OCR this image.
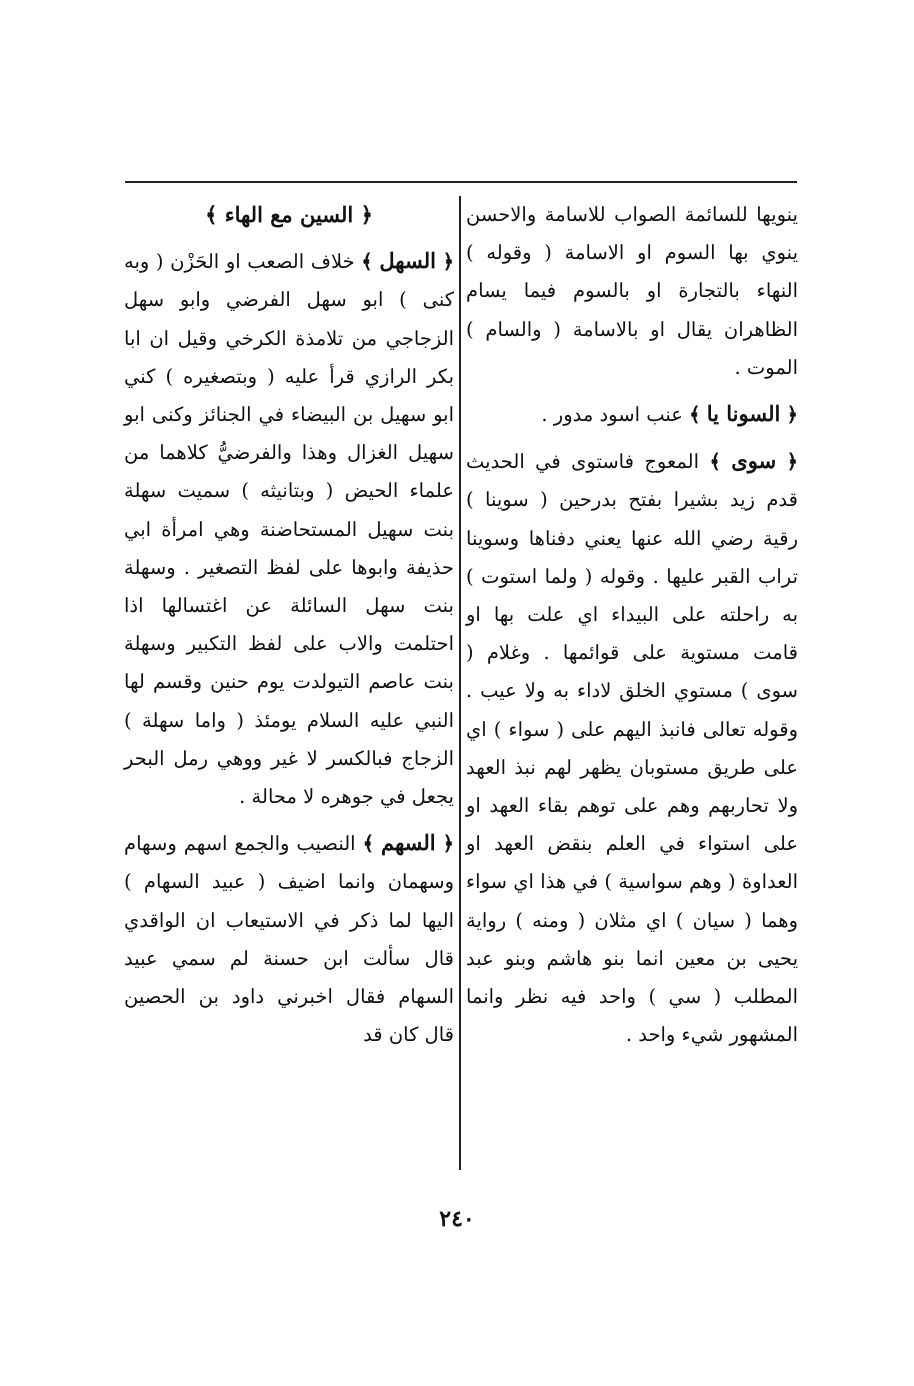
ينويها للسائمة الصواب للاسامة والاحسن ينوي بها السوم او الاسامة ( وقوله ) النهاء بالتجارة او بالسوم فيما يسام الظاهران يقال او بالاسامة ( والسام ) الموت .

﴿ السونا يا ﴾ عنب اسود مدور .

﴿ سوى ﴾ المعوج فاستوى في الحديث قدم زيد بشيرا بفتح بدرحين ( سوينا ) رقية رضي الله عنها يعني دفناها وسوينا تراب القبر عليها . وقوله ( ولما استوت ) به راحلته على البيداء اي علت بها او قامت مستوية على قوائمها . وغلام ( سوى ) مستوي الخلق لاداء به ولا عيب . وقوله تعالى فانبذ اليهم على ( سواء ) اي على طريق مستوبان يظهر لهم نبذ العهد ولا تحاربهم وهم على توهم بقاء العهد او على استواء في العلم بنقض العهد او العداوة ( وهم سواسية ) في هذا اي سواء وهما ( سيان ) اي مثلان ( ومنه ) رواية يحيى بن معين انما بنو هاشم وبنو عبد المطلب ( سي ) واحد فيه نظر وانما المشهور شيء واحد .

﴿ السين مع الهاء ﴾

﴿ السهل ﴾ خلاف الصعب او الحَزْن ( وبه كنى ) ابو سهل الفرضي وابو سهل الزجاجي من تلامذة الكرخي وقيل ان ابا بكر الرازي قرأ عليه ( وبتصغيره ) كني ابو سهيل بن البيضاء في الجنائز وكنى ابو سهيل الغزال وهذا والفرضيُّ كلاهما من علماء الحيض ( وبتانيثه ) سميت سهلة بنت سهيل المستحاضنة وهي امرأة ابي حذيفة وابوها على لفظ التصغير . وسهلة بنت سهل السائلة عن اغتسالها اذا احتلمت والاب على لفظ التكبير وسهلة بنت عاصم التيولدت يوم حنين وقسم لها النبي عليه السلام يومئذ ( واما سهلة ) الزجاج فبالكسر لا غير ووهي رمل البحر يجعل في جوهره لا محالة .

﴿ السهم ﴾ النصيب والجمع اسهم وسهام وسهمان وانما اضيف ( عبيد السهام ) اليها لما ذكر في الاستيعاب ان الواقدي قال سألت ابن حسنة لم سمي عبيد السهام فقال اخبرني داود بن الحصين قال كان قد

٢٤٠
